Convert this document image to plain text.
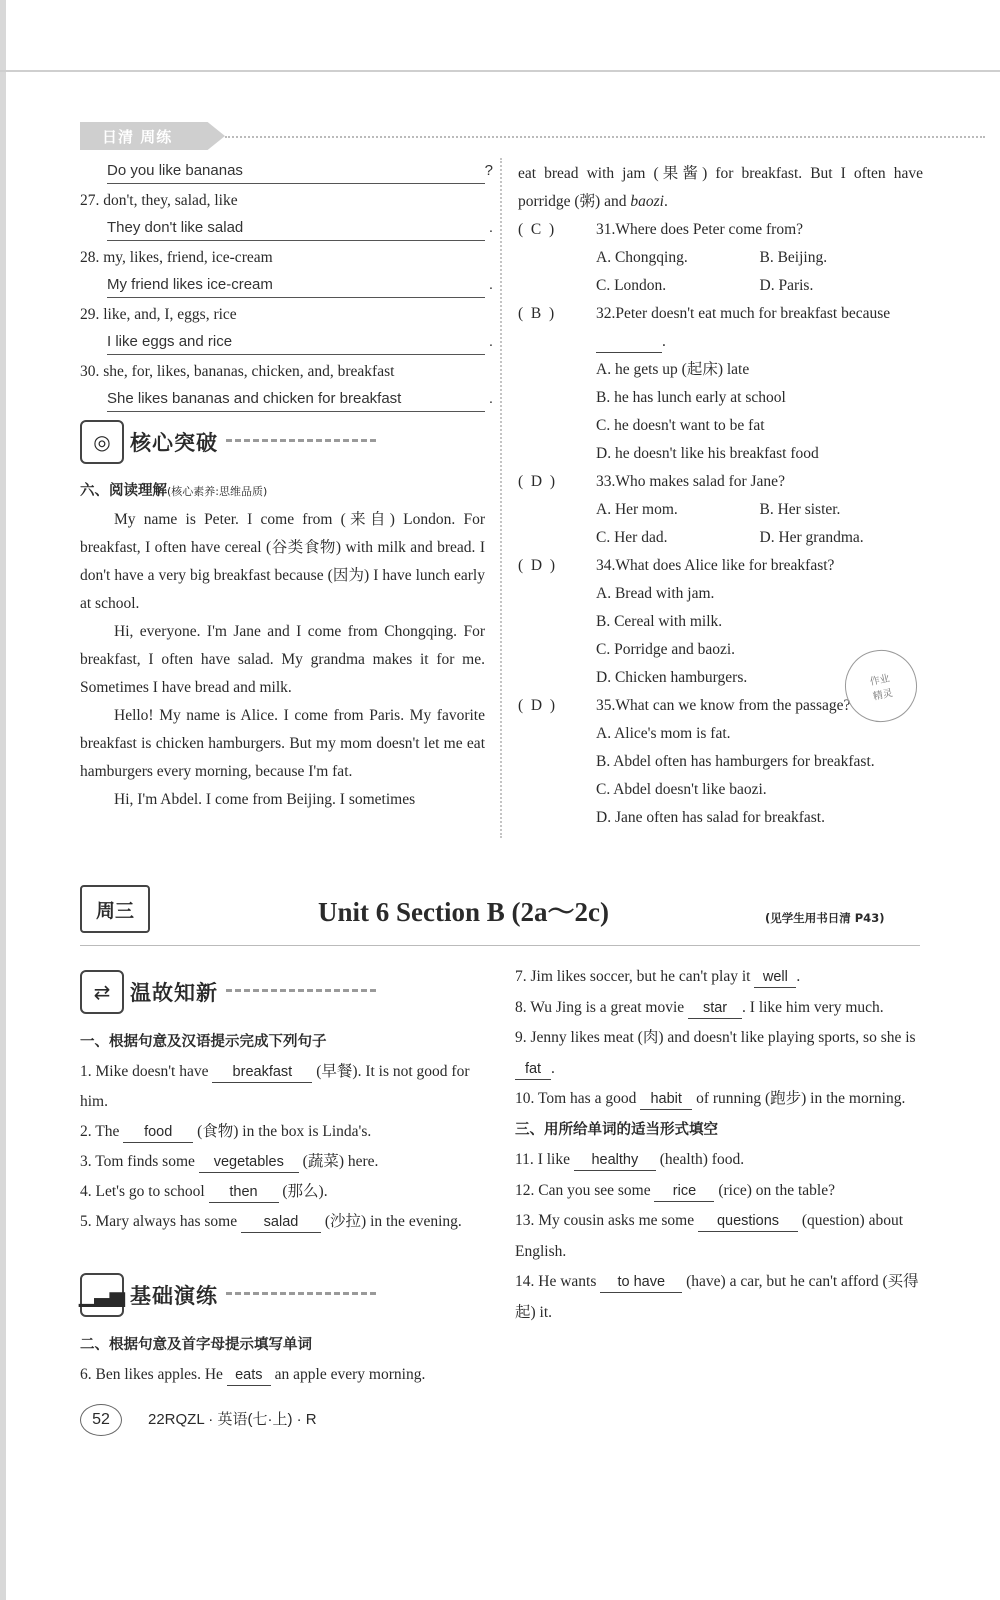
日清 周练
Do you like bananas	?

27. don't, they, salad, like

They don't like salad	.

28. my, likes, friend, ice-cream

My friend likes ice-cream	.

29. like, and, I, eggs, rice

I like eggs and rice	.

30. she, for, likes, bananas, chicken, and, breakfast

She likes bananas and chicken for breakfast	.
◎ 核心突破

六、阅读理解(核心素养:思维品质)

My name is Peter. I come from (来自) London. For breakfast, I often have cereal (谷类食物) with milk and bread. I don't have a very big breakfast because (因为) I have lunch early at school.

Hi, everyone. I'm Jane and I come from Chongqing. For breakfast, I often have salad. My grandma makes it for me. Sometimes I have bread and milk.

Hello! My name is Alice. I come from Paris. My favorite breakfast is chicken hamburgers. But my mom doesn't let me eat hamburgers every morning, because I'm fat.

Hi, I'm Abdel. I come from Beijing. I sometimes

eat bread with jam (果酱) for breakfast. But I often have porridge (粥) and baozi.

(  C  )	31.Where does Peter come from?
A. Chongqing.	B. Beijing.
C. London.	D. Paris.
(  B  )	32.Peter doesn't eat much for breakfast because
.
A. he gets up (起床) late
B. he has lunch early at school
C. he doesn't want to be fat
D. he doesn't like his breakfast food
(  D  )	33.Who makes salad for Jane?
A. Her mom.	B. Her sister.
C. Her dad.	D. Her grandma.
(  D  )	34.What does Alice like for breakfast?
A. Bread with jam.
B. Cereal with milk.
C. Porridge and baozi.
D. Chicken hamburgers.
(  D  )	35.What can we know from the passage?
A. Alice's mom is fat.
B. Abdel often has hamburgers for breakfast.
C. Abdel doesn't like baozi.
D. Jane often has salad for breakfast.
作业
精灵
周三	Unit 6 Section B (2a～2c)	(见学生用书日清 P43)
⇄ 温故知新

一、根据句意及汉语提示完成下列句子

1. Mike doesn't have breakfast (早餐). It is not good for him.

2. The food (食物) in the box is Linda's.

3. Tom finds some vegetables (蔬菜) here.

4. Let's go to school then (那么).

5. Mary always has some salad (沙拉) in the evening.

▁▃▅ 基础演练

二、根据句意及首字母提示填写单词

6. Ben likes apples. He eats an apple every morning.

7. Jim likes soccer, but he can't play it well .

8. Wu Jing is a great movie star . I like him very much.

9. Jenny likes meat (肉) and doesn't like playing sports, so she is fat .

10. Tom has a good habit of running (跑步) in the morning.

三、用所给单词的适当形式填空

11. I like healthy (health) food.

12. Can you see some rice (rice) on the table?

13. My cousin asks me some questions (question) about English.

14. He wants to have (have) a car, but he can't afford (买得起) it.

52	22RQZL · 英语(七·上) · R
